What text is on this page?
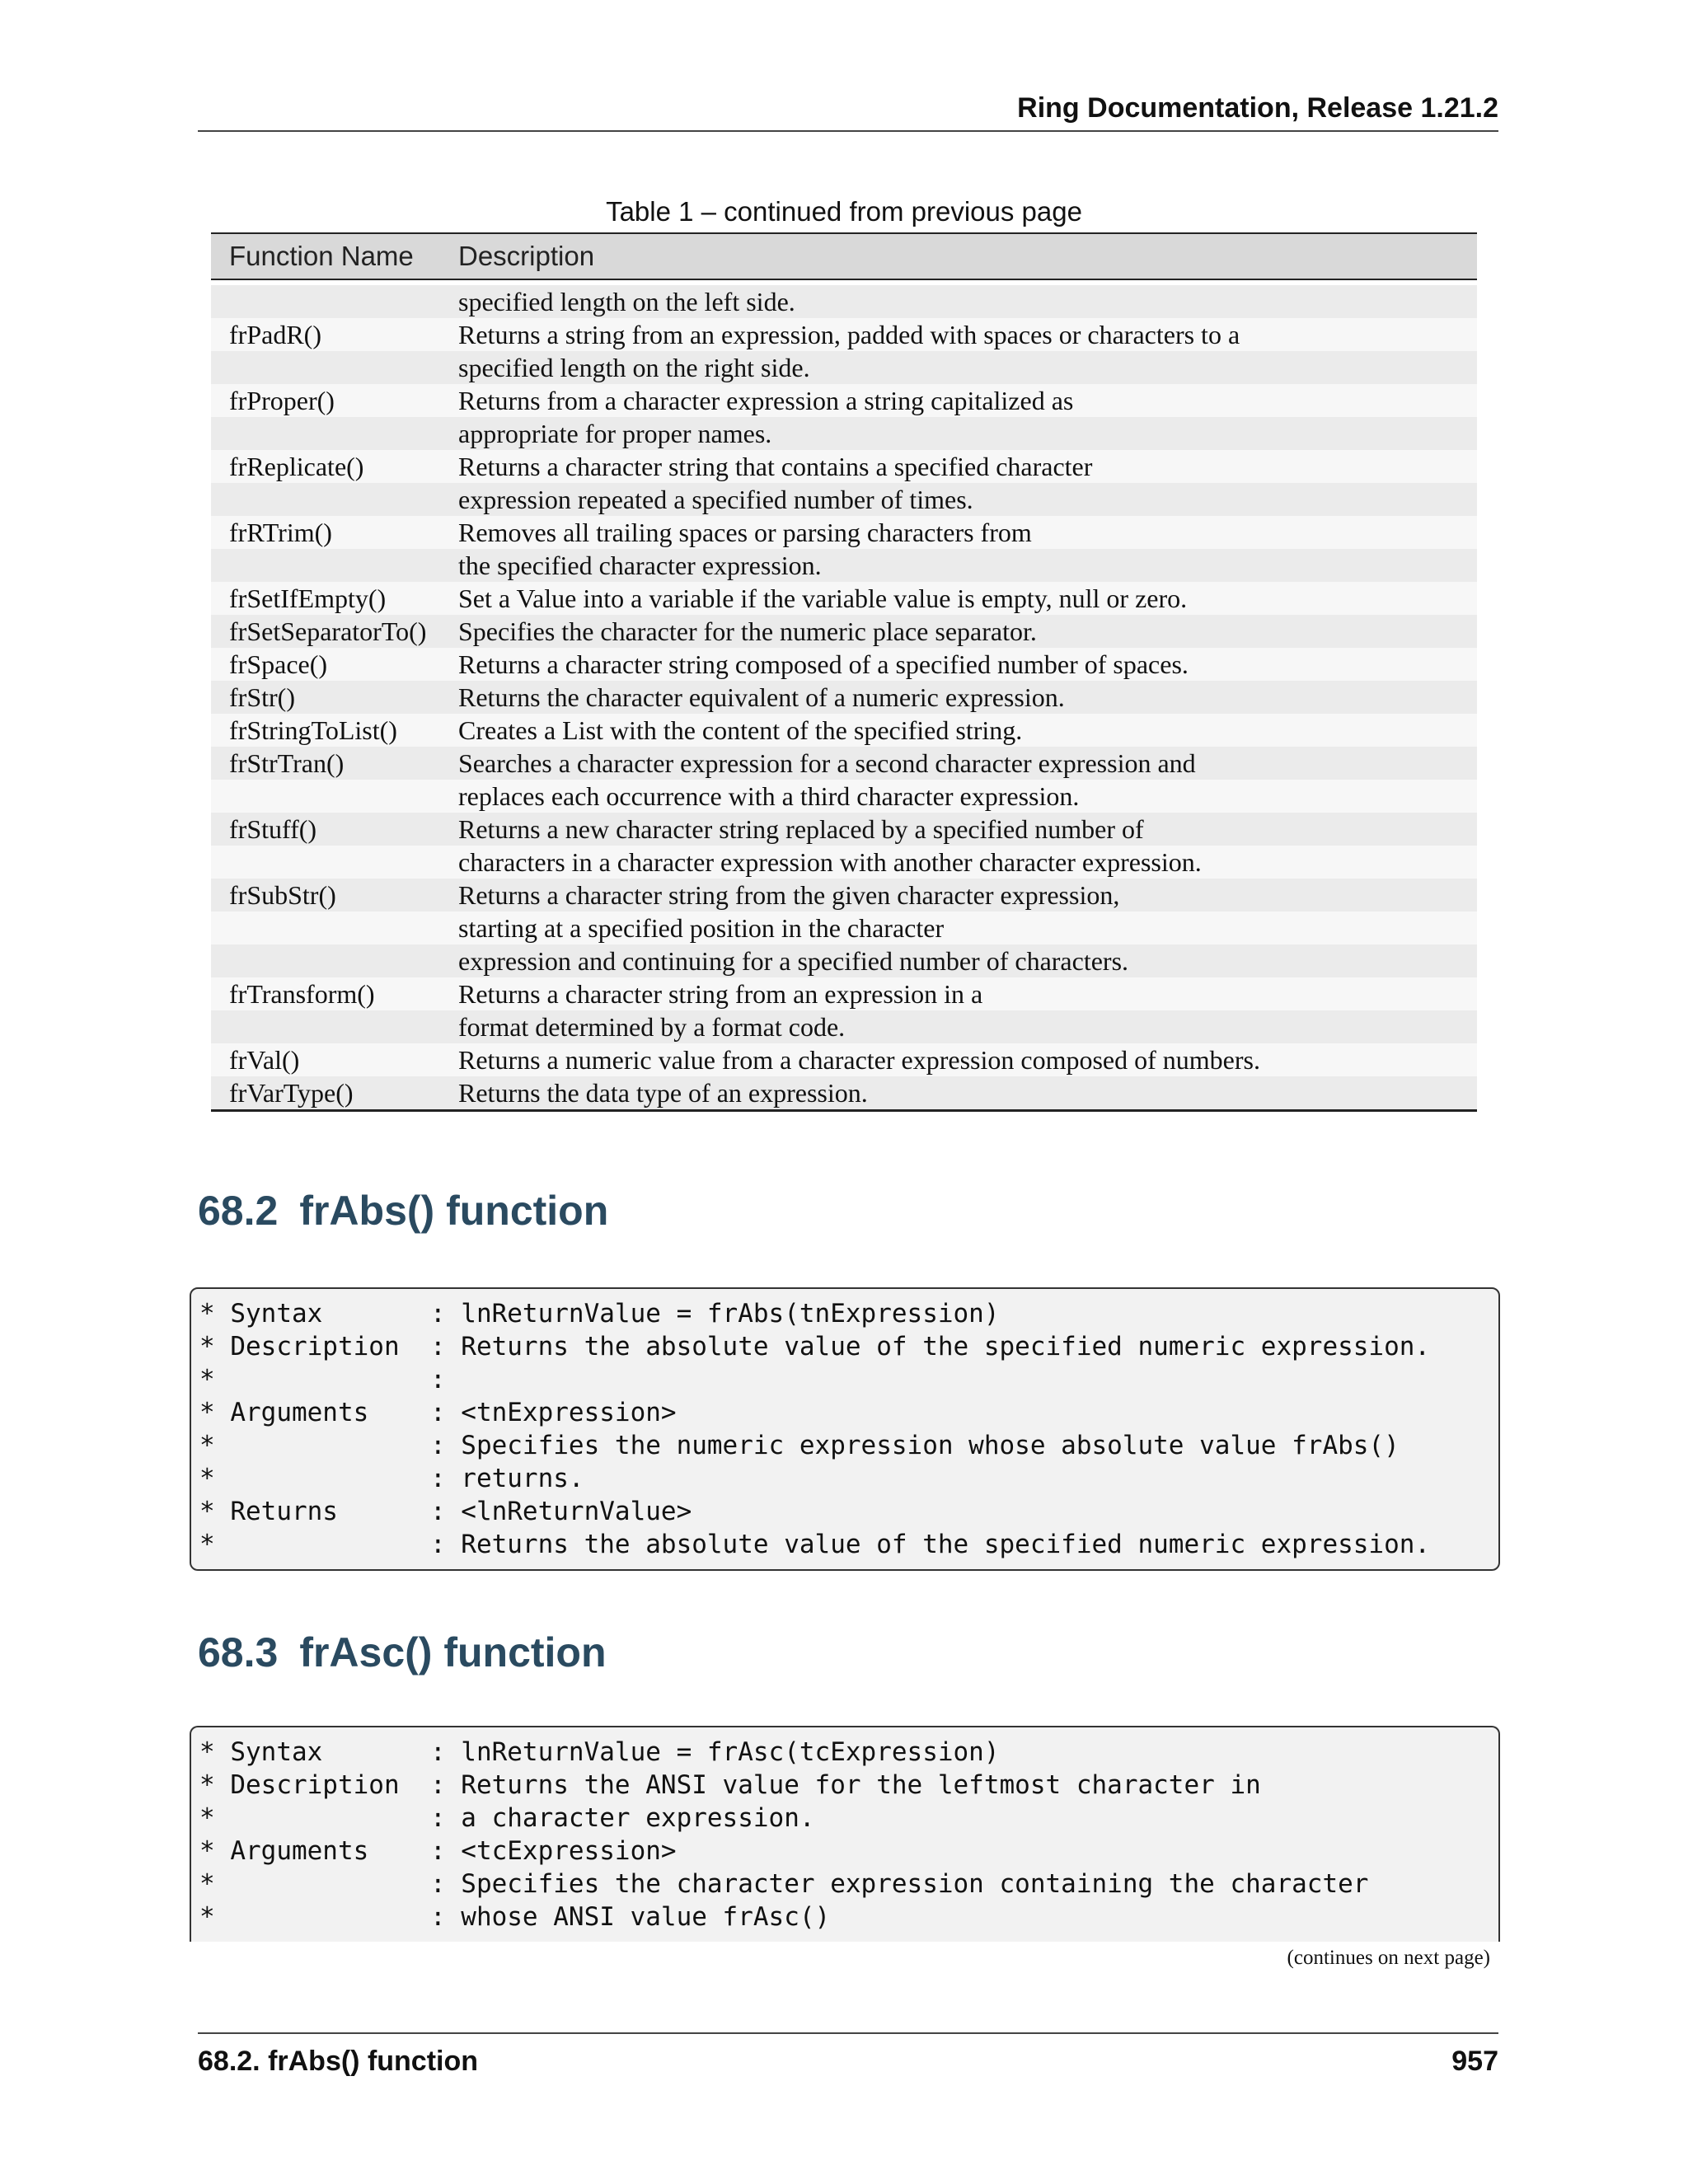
Ring Documentation, Release 1.21.2
Table 1 – continued from previous page
Function Name	Description
specified length on the left side.
frPadR()	Returns a string from an expression, padded with spaces or characters to a
specified length on the right side.
frProper()	Returns from a character expression a string capitalized as
appropriate for proper names.
frReplicate()	Returns a character string that contains a specified character
expression repeated a specified number of times.
frRTrim()	Removes all trailing spaces or parsing characters from
the specified character expression.
frSetIfEmpty()	Set a Value into a variable if the variable value is empty, null or zero.
frSetSeparatorTo()	Specifies the character for the numeric place separator.
frSpace()	Returns a character string composed of a specified number of spaces.
frStr()	Returns the character equivalent of a numeric expression.
frStringToList()	Creates a List with the content of the specified string.
frStrTran()	Searches a character expression for a second character expression and
replaces each occurrence with a third character expression.
frStuff()	Returns a new character string replaced by a specified number of
characters in a character expression with another character expression.
frSubStr()	Returns a character string from the given character expression,
starting at a specified position in the character
expression and continuing for a specified number of characters.
frTransform()	Returns a character string from an expression in a
format determined by a format code.
frVal()	Returns a numeric value from a character expression composed of numbers.
frVarType()	Returns the data type of an expression.
68.2 frAbs() function
* Syntax       : lnReturnValue = frAbs(tnExpression)
* Description  : Returns the absolute value of the specified numeric expression.
*              :
* Arguments    : <tnExpression>
*              : Specifies the numeric expression whose absolute value frAbs()
*              : returns.
* Returns      : <lnReturnValue>
*              : Returns the absolute value of the specified numeric expression.
68.3 frAsc() function
* Syntax       : lnReturnValue = frAsc(tcExpression)
* Description  : Returns the ANSI value for the leftmost character in
*              : a character expression.
* Arguments    : <tcExpression>
*              : Specifies the character expression containing the character
*              : whose ANSI value frAsc()
(continues on next page)
68.2. frAbs() function	957
